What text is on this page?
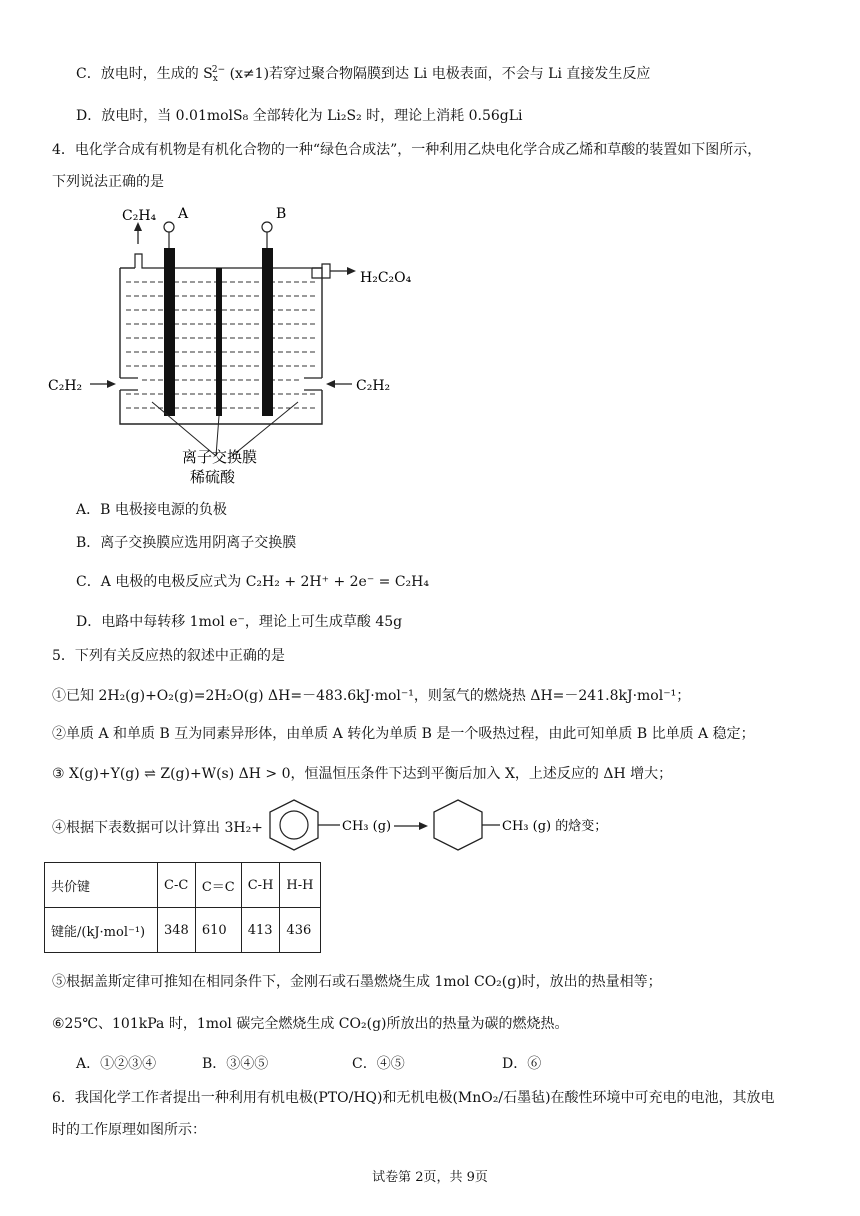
C．放电时，生成的 $S_x^{2-}$ (x≠1)若穿过聚合物隔膜到达 Li 电极表面，不会与 Li 直接发生反应
D．放电时，当 0.01molS₈ 全部转化为 Li₂S₂ 时，理论上消耗 0.56gLi
4．电化学合成有机物是有机化合物的一种“绿色合成法”，一种利用乙炔电化学合成乙烯和草酸的装置如下图所示，
下列说法正确的是
C₂H₄
H₂C₂O₄
A	B
C₂H₂	C₂H₂
离子交换膜
稀硫酸
A．B 电极接电源的负极
B．离子交换膜应选用阴离子交换膜
C．A 电极的电极反应式为 C₂H₂ + 2H⁺ + 2e⁻ = C₂H₄
D．电路中每转移 1mol e⁻，理论上可生成草酸 45g
5．下列有关反应热的叙述中正确的是
①已知 2H₂(g)+O₂(g)=2H₂O(g) ΔH=－483.6kJ·mol⁻¹，则氢气的燃烧热 ΔH=－241.8kJ·mol⁻¹；
②单质 A 和单质 B 互为同素异形体，由单质 A 转化为单质 B 是一个吸热过程，由此可知单质 B 比单质 A 稳定；
③ X(g)+Y(g) ⇌ Z(g)+W(s) ΔH > 0，恒温恒压条件下达到平衡后加入 X，上述反应的 ΔH 增大；
④根据下表数据可以计算出 3H₂+	CH₃ (g)	CH₃ (g) 的焓变；
共价键	C-C	C＝C	C-H	H-H
键能/(kJ·mol⁻¹)	348	610	413	436
⑤根据盖斯定律可推知在相同条件下，金刚石或石墨燃烧生成 1mol CO₂(g)时，放出的热量相等；
⑥25℃、101kPa 时，1mol 碳完全燃烧生成 CO₂(g)所放出的热量为碳的燃烧热。
A．①②③④	B．③④⑤	C．④⑤	D．⑥
6．我国化学工作者提出一种利用有机电极(PTO/HQ)和无机电极(MnO₂/石墨毡)在酸性环境中可充电的电池，其放电
时的工作原理如图所示：
试卷第 2页，共 9页
